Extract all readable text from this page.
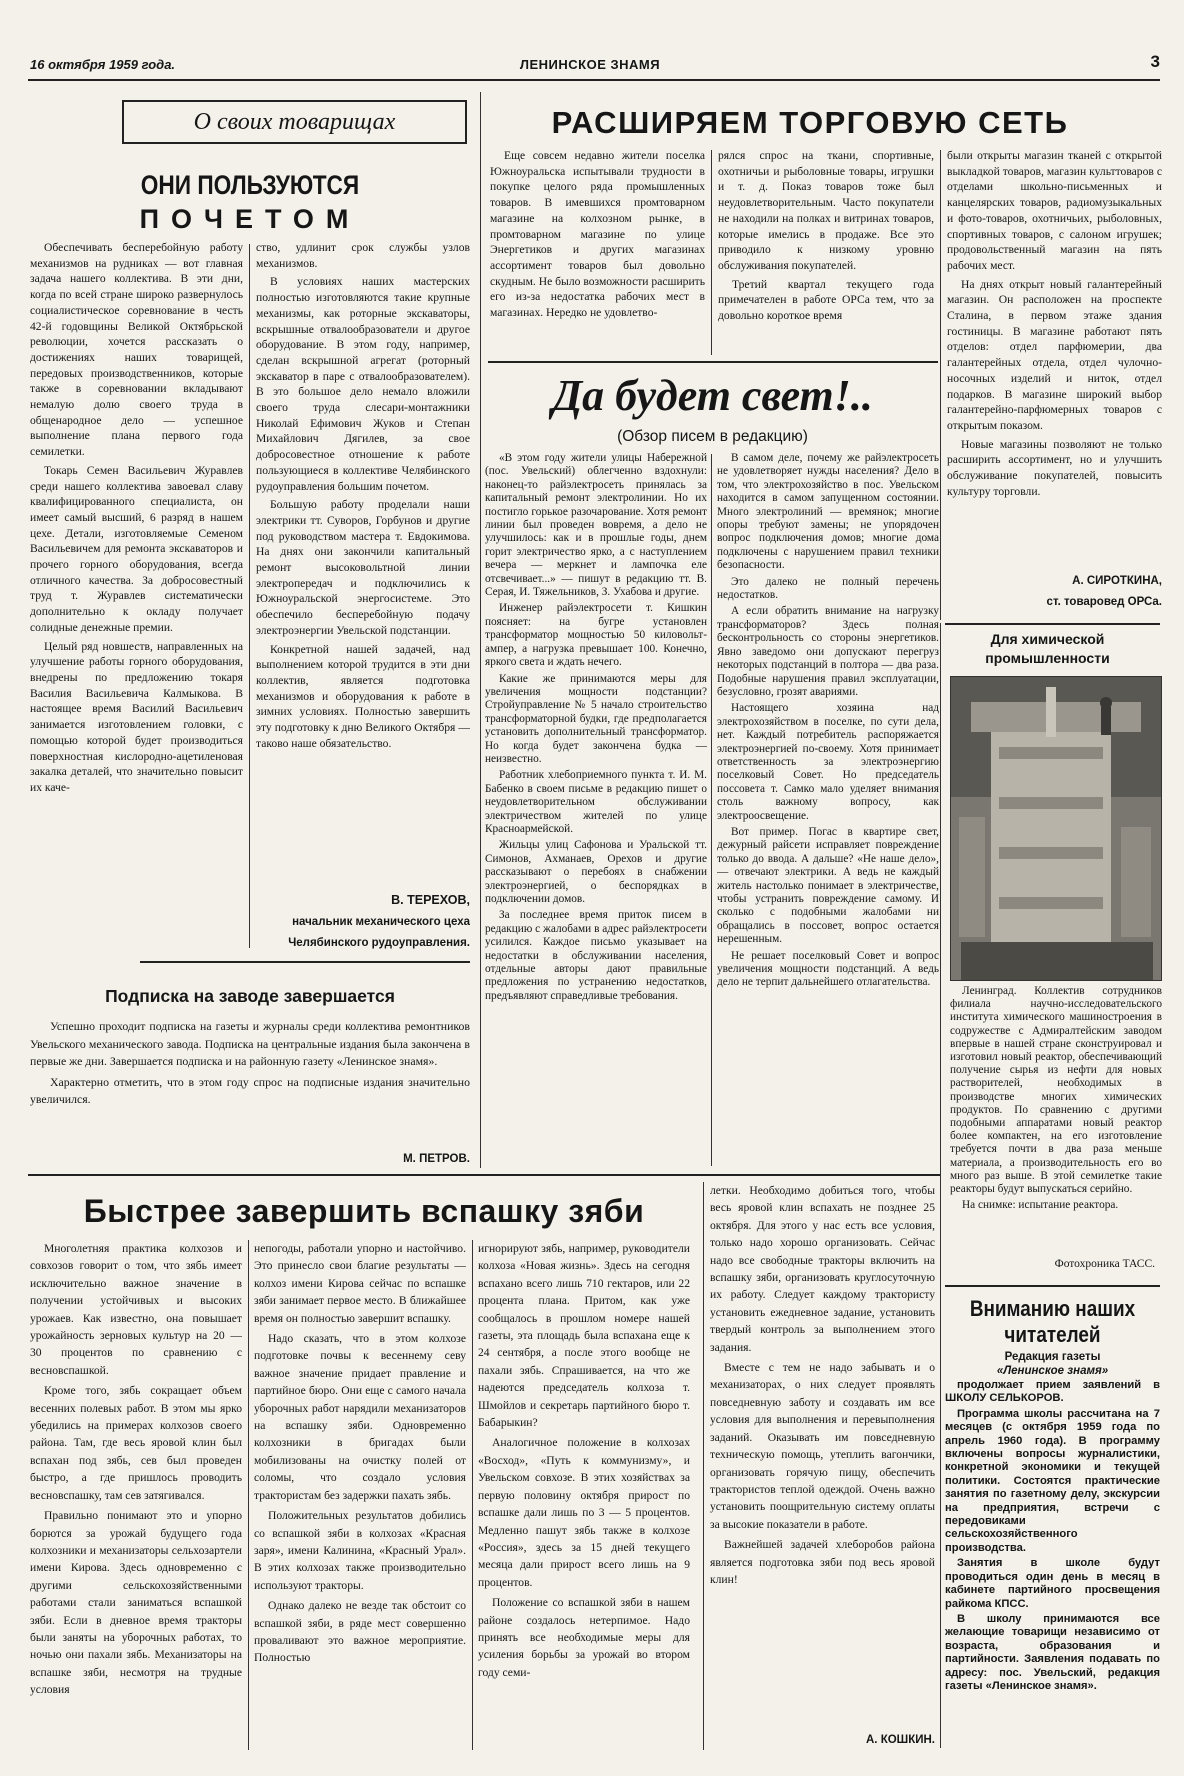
16 октября 1959 года.	ЛЕНИНСКОЕ ЗНАМЯ	3
О своих товарищах
ОНИ ПОЛЬЗУЮТСЯ
ПОЧЕТОМ

Обеспечивать бесперебойную работу механизмов на рудниках — вот главная задача нашего коллектива. В эти дни, когда по всей стране широко развернулось социалистическое соревнование в честь 42-й годовщины Великой Октябрьской революции, хочется рассказать о достижениях наших товарищей, передовых производственников, которые также в соревновании вкладывают немалую долю своего труда в общенародное дело — успешное выполнение плана первого года семилетки.

Токарь Семен Васильевич Журавлев среди нашего коллектива завоевал славу квалифицированного специалиста, он имеет самый высший, 6 разряд в нашем цехе. Детали, изготовляемые Семеном Васильевичем для ремонта экскаваторов и прочего горного оборудования, всегда отличного качества. За добросовестный труд т. Журавлев систематически дополнительно к окладу получает солидные денежные премии.

Целый ряд новшеств, направленных на улучшение работы горного оборудования, внедрены по предложению токаря Василия Васильевича Калмыкова. В настоящее время Василий Васильевич занимается изготовлением головки, с помощью которой будет производиться поверхностная кислородно-ацетиленовая закалка деталей, что значительно повысит их каче-

ство, удлинит срок службы узлов механизмов.

В условиях наших мастерских полностью изготовляются такие крупные механизмы, как роторные экскаваторы, вскрышные отвалообразователи и другое оборудование. В этом году, например, сделан вскрышной агрегат (роторный экскаватор в паре с отвалообразователем). В это большое дело немало вложили своего труда слесари-монтажники Николай Ефимович Жуков и Степан Михайлович Дягилев, за свое добросовестное отношение к работе пользующиеся в коллективе Челябинского рудоуправления большим почетом.

Большую работу проделали наши электрики тт. Суворов, Горбунов и другие под руководством мастера т. Евдокимова. На днях они закончили капитальный ремонт высоковольтной линии электропередач и подключились к Южноуральской энергосистеме. Это обеспечило бесперебойную подачу электроэнергии Увельской подстанции.

Конкретной нашей задачей, над выполнением которой трудится в эти дни коллектив, является подготовка механизмов и оборудования к работе в зимних условиях. Полностью завершить эту подготовку к дню Великого Октября — таково наше обязательство.

В. ТЕРЕХОВ,
начальник механического цеха
Челябинского рудоуправления.
Подписка на заводе завершается

Успешно проходит подписка на газеты и журналы среди коллектива ремонтников Увельского механического завода. Подписка на центральные издания была закончена в первые же дни. Завершается подписка и на районную газету «Ленинское знамя».

Характерно отметить, что в этом году спрос на подписные издания значительно увеличился.

М. ПЕТРОВ.
РАСШИРЯЕМ ТОРГОВУЮ СЕТЬ

Еще совсем недавно жители поселка Южноуральска испытывали трудности в покупке целого ряда промышленных товаров. В имевшихся промтоварном магазине на колхозном рынке, в промтоварном магазине по улице Энергетиков и других магазинах ассортимент товаров был довольно скудным. Не было возможности расширить его из-за недостатка рабочих мест в магазинах. Нередко не удовлетво-

рялся спрос на ткани, спортивные, охотничьи и рыболовные товары, игрушки и т. д. Показ товаров тоже был неудовлетворительным. Часто покупатели не находили на полках и витринах товаров, которые имелись в продаже. Все это приводило к низкому уровню обслуживания покупателей.

Третий квартал текущего года примечателен в работе ОРСа тем, что за довольно короткое время

были открыты магазин тканей с открытой выкладкой товаров, магазин культтоваров с отделами школьно-письменных и канцелярских товаров, радиомузыкальных и фото-товаров, охотничьих, рыболовных, спортивных товаров, с салоном игрушек; продовольственный магазин на пять рабочих мест.

На днях открыт новый галантерейный магазин. Он расположен на проспекте Сталина, в первом этаже здания гостиницы. В магазине работают пять отделов: отдел парфюмерии, два галантерейных отдела, отдел чулочно-носочных изделий и ниток, отдел подарков. В магазине широкий выбор галантерейно-парфюмерных товаров с открытым показом.

Новые магазины позволяют не только расширить ассортимент, но и улучшить обслуживание покупателей, повысить культуру торговли.

А. СИРОТКИНА,
ст. товаровед ОРСа.
Да будет свет!..
(Обзор писем в редакцию)

«В этом году жители улицы Набережной (пос. Увельский) облегченно вздохнули: наконец-то райэлектросеть принялась за капитальный ремонт электролинии. Но их постигло горькое разочарование. Хотя ремонт линии был проведен вовремя, а дело не улучшилось: как и в прошлые годы, днем горит электричество ярко, а с наступлением вечера — меркнет и лампочка еле отсвечивает...» — пишут в редакцию тт. В. Серая, И. Тяжельников, З. Ухабова и другие.

Инженер райэлектросети т. Кишкин поясняет: на бугре установлен трансформатор мощностью 50 киловольт-ампер, а нагрузка превышает 100. Конечно, яркого света и ждать нечего.

Какие же принимаются меры для увеличения мощности подстанции? Стройуправление № 5 начало строительство трансформаторной будки, где предполагается установить дополнительный трансформатор. Но когда будет закончена будка — неизвестно.

Работник хлебоприемного пункта т. И. М. Бабенко в своем письме в редакцию пишет о неудовлетворительном обслуживании электричеством жителей по улице Красноармейской.

Жильцы улиц Сафонова и Уральской тт. Симонов, Ахманаев, Орехов и другие рассказывают о перебоях в снабжении электроэнергией, о беспорядках в подключении домов.

За последнее время приток писем в редакцию с жалобами в адрес райэлектросети усилился. Каждое письмо указывает на недостатки в обслуживании населения, отдельные авторы дают правильные предложения по устранению недостатков, предъявляют справедливые требования.

В самом деле, почему же райэлектросеть не удовлетворяет нужды населения? Дело в том, что электрохозяйство в пос. Увельском находится в самом запущенном состоянии. Много электролиний — времянок; многие опоры требуют замены; не упорядочен вопрос подключения домов; многие дома подключены с нарушением правил техники безопасности.

Это далеко не полный перечень недостатков.

А если обратить внимание на нагрузку трансформаторов? Здесь полная бесконтрольность со стороны энергетиков. Явно заведомо они допускают перегруз некоторых подстанций в полтора — два раза. Подобные нарушения правил эксплуатации, безусловно, грозят авариями.

Настоящего хозяина над электрохозяйством в поселке, по сути дела, нет. Каждый потребитель распоряжается электроэнергией по-своему. Хотя принимает ответственность за электроэнергию поселковый Совет. Но председатель поссовета т. Самко мало уделяет внимания столь важному вопросу, как электроосвещение.

Вот пример. Погас в квартире свет, дежурный райсети исправляет повреждение только до ввода. А дальше? «Не наше дело», — отвечают электрики. А ведь не каждый житель настолько понимает в электричестве, чтобы устранить повреждение самому. И сколько с подобными жалобами ни обращались в поссовет, вопрос остается нерешенным.

Не решает поселковый Совет и вопрос увеличения мощности подстанций. А ведь дело не терпит дальнейшего отлагательства.

Для химической промышленности

Ленинград. Коллектив сотрудников филиала научно-исследовательского института химического машиностроения в содружестве с Адмиралтейским заводом впервые в нашей стране сконструировал и изготовил новый реактор, обеспечивающий получение сырья из нефти для новых растворителей, необходимых в производстве многих химических продуктов. По сравнению с другими подобными аппаратами новый реактор более компактен, на его изготовление требуется почти в два раза меньше материала, а производительность его во много раз выше. В этой семилетке такие реакторы будут выпускаться серийно.

На снимке: испытание реактора.

Фотохроника ТАСС.
Вниманию наших
читателей
Редакция газеты
«Ленинское знамя»

продолжает прием заявлений в ШКОЛУ СЕЛЬКОРОВ.

Программа школы рассчитана на 7 месяцев (с октября 1959 года по апрель 1960 года). В программу включены вопросы журналистики, конкретной экономики и текущей политики. Состоятся практические занятия по газетному делу, экскурсии на предприятия, встречи с передовиками сельскохозяйственного производства.

Занятия в школе будут проводиться один день в месяц в кабинете партийного просвещения райкома КПСС.

В школу принимаются все желающие товарищи независимо от возраста, образования и партийности. Заявления подавать по адресу: пос. Увельский, редакция газеты «Ленинское знамя».

Быстрее завершить вспашку зяби

Многолетняя практика колхозов и совхозов говорит о том, что зябь имеет исключительно важное значение в получении устойчивых и высоких урожаев. Как известно, она повышает урожайность зерновых культур на 20 — 30 процентов по сравнению с весновспашкой.

Кроме того, зябь сокращает объем весенних полевых работ. В этом мы ярко убедились на примерах колхозов своего района. Там, где весь яровой клин был вспахан под зябь, сев был проведен быстро, а где пришлось проводить весновспашку, там сев затягивался.

Правильно понимают это и упорно борются за урожай будущего года колхозники и механизаторы сельхозартели имени Кирова. Здесь одновременно с другими сельскохозяйственными работами стали заниматься вспашкой зяби. Если в дневное время тракторы были заняты на уборочных работах, то ночью они пахали зябь. Механизаторы на вспашке зяби, несмотря на трудные условия

непогоды, работали упорно и настойчиво. Это принесло свои благие результаты — колхоз имени Кирова сейчас по вспашке зяби занимает первое место. В ближайшее время он полностью завершит вспашку.

Надо сказать, что в этом колхозе подготовке почвы к весеннему севу важное значение придает правление и партийное бюро. Они еще с самого начала уборочных работ нарядили механизаторов на вспашку зяби. Одновременно колхозники в бригадах были мобилизованы на очистку полей от соломы, что создало условия трактористам без задержки пахать зябь.

Положительных результатов добились со вспашкой зяби в колхозах «Красная заря», имени Калинина, «Красный Урал». В этих колхозах также производительно используют тракторы.

Однако далеко не везде так обстоит со вспашкой зяби, в ряде мест совершенно проваливают это важное мероприятие. Полностью

игнорируют зябь, например, руководители колхоза «Новая жизнь». Здесь на сегодня вспахано всего лишь 710 гектаров, или 22 процента плана. Притом, как уже сообщалось в прошлом номере нашей газеты, эта площадь была вспахана еще к 24 сентября, а после этого вообще не пахали зябь. Спрашивается, на что же надеются председатель колхоза т. Шмойлов и секретарь партийного бюро т. Бабарыкин?

Аналогичное положение в колхозах «Восход», «Путь к коммунизму», и Увельском совхозе. В этих хозяйствах за первую половину октября прирост по вспашке дали лишь по 3 — 5 процентов. Медленно пашут зябь также в колхозе «Россия», здесь за 15 дней текущего месяца дали прирост всего лишь на 9 процентов.

Положение со вспашкой зяби в нашем районе создалось нетерпимое. Надо принять все необходимые меры для усиления борьбы за урожай во втором году семи-

летки. Необходимо добиться того, чтобы весь яровой клин вспахать не позднее 25 октября. Для этого у нас есть все условия, только надо хорошо организовать. Сейчас надо все свободные тракторы включить на вспашку зяби, организовать круглосуточную их работу. Следует каждому трактористу установить ежедневное задание, установить твердый контроль за выполнением этого задания.

Вместе с тем не надо забывать и о механизаторах, о них следует проявлять повседневную заботу и создавать им все условия для выполнения и перевыполнения заданий. Оказывать им повседневную техническую помощь, утеплить вагончики, организовать горячую пищу, обеспечить трактористов теплой одеждой. Очень важно установить поощрительную систему оплаты за высокие показатели в работе.

Важнейшей задачей хлеборобов района является подготовка зяби под весь яровой клин!

А. КОШКИН.
